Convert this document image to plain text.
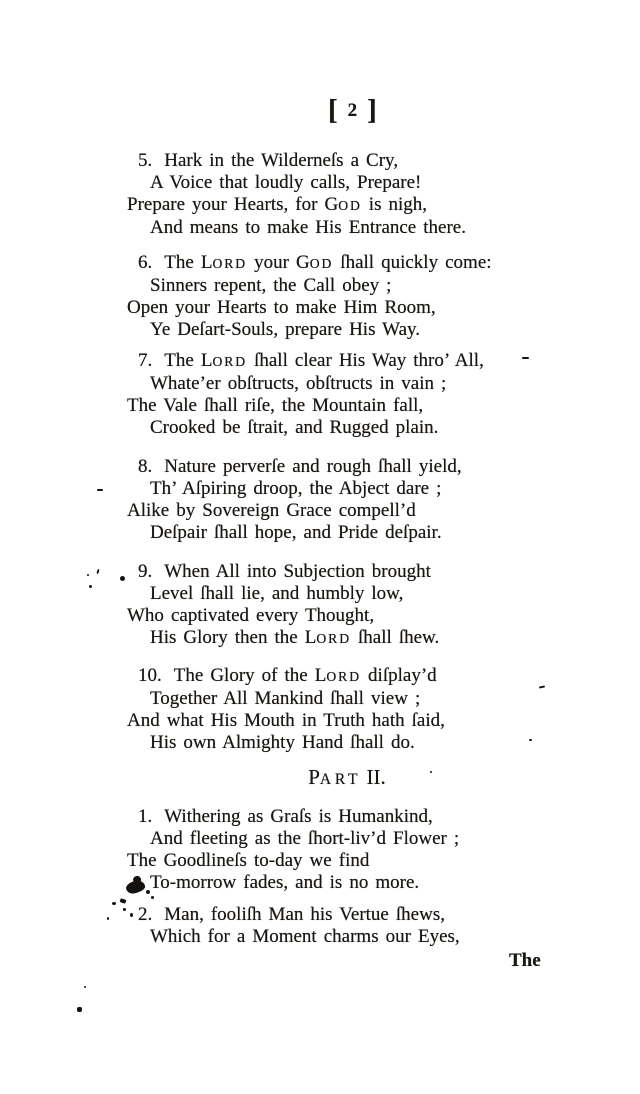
[ 2 ]
5. Hark in the Wilderneſs a Cry,
A Voice that loudly calls, Prepare!
Prepare your Hearts, for GOD is nigh,
And means to make His Entrance there.
6. The LORD your GOD ſhall quickly come:
Sinners repent, the Call obey ;
Open your Hearts to make Him Room,
Ye Deſart-Souls, prepare His Way.
7. The LORD ſhall clear His Way thro’ All,
Whate’er obſtructs, obſtructs in vain ;
The Vale ſhall riſe, the Mountain fall,
Crooked be ſtrait, and Rugged plain.
8. Nature perverſe and rough ſhall yield,
Th’ Aſpiring droop, the Abject dare ;
Alike by Sovereign Grace compell’d
Deſpair ſhall hope, and Pride deſpair.
9. When All into Subjection brought
Level ſhall lie, and humbly low,
Who captivated every Thought,
His Glory then the LORD ſhall ſhew.
10. The Glory of the LORD diſplay’d
Together All Mankind ſhall view ;
And what His Mouth in Truth hath ſaid,
His own Almighty Hand ſhall do.
1. Withering as Graſs is Humankind,
And fleeting as the ſhort-liv’d Flower ;
The Goodlineſs to-day we find
To-morrow fades, and is no more.
2. Man, fooliſh Man his Vertue ſhews,
Which for a Moment charms our Eyes,
PART II.
The
